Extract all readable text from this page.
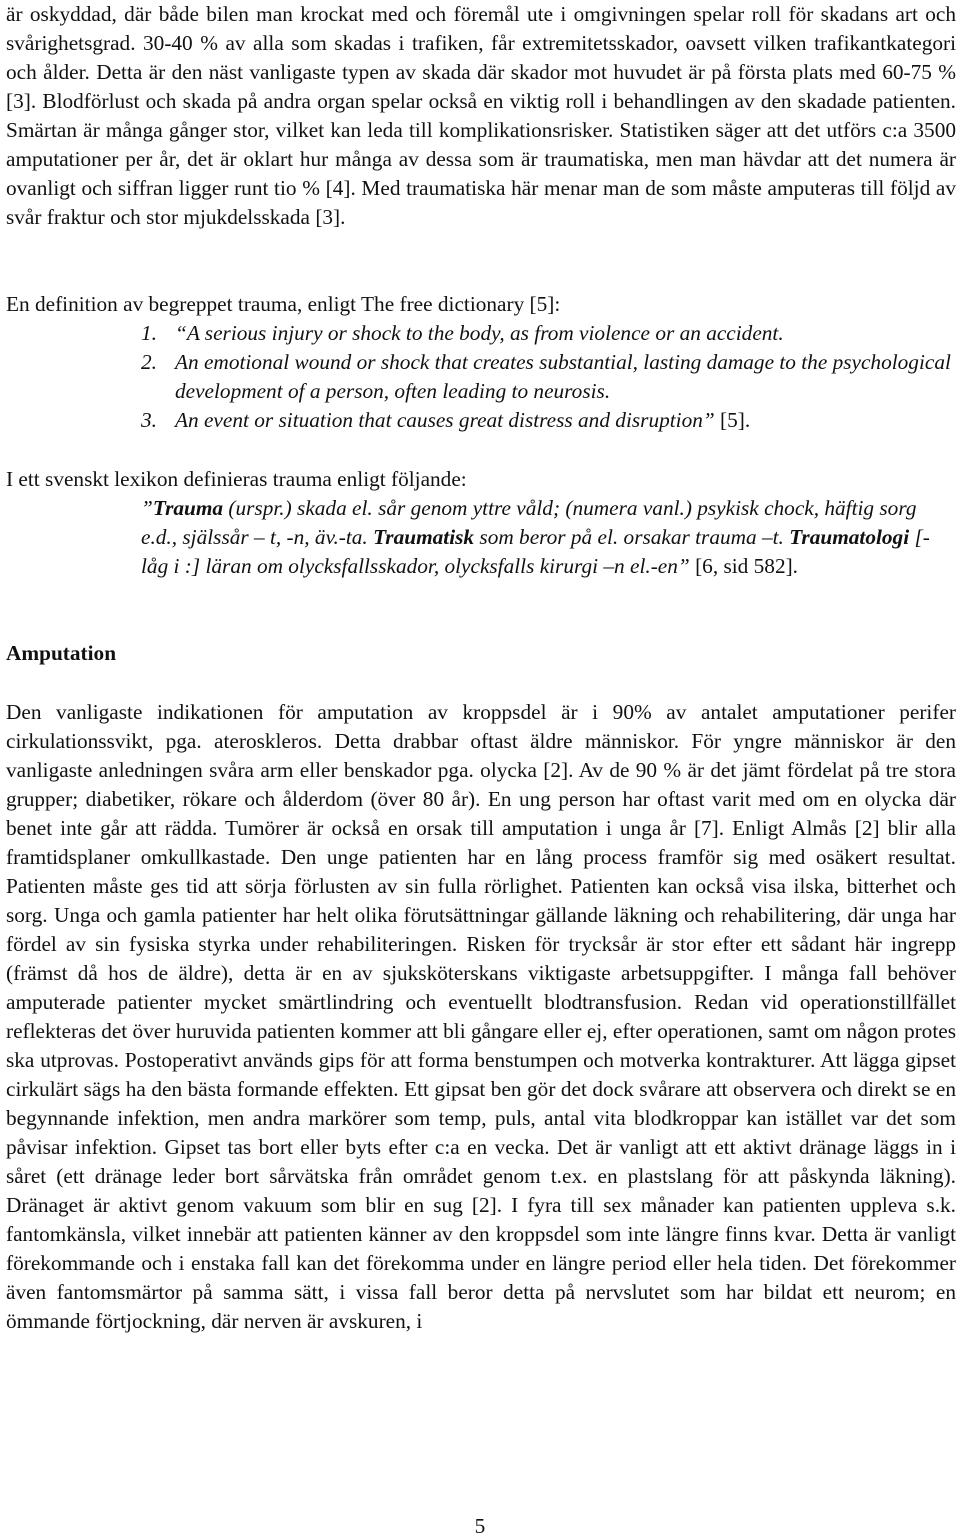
är oskyddad, där både bilen man krockat med och föremål ute i omgivningen spelar roll för skadans art och svårighetsgrad. 30-40 % av alla som skadas i trafiken, får extremitetsskador, oavsett vilken trafikantkategori och ålder. Detta är den näst vanligaste typen av skada där skador mot huvudet är på första plats med 60-75 % [3]. Blodförlust och skada på andra organ spelar också en viktig roll i behandlingen av den skadade patienten. Smärtan är många gånger stor, vilket kan leda till komplikationsrisker. Statistiken säger att det utförs c:a 3500 amputationer per år, det är oklart hur många av dessa som är traumatiska, men man hävdar att det numera är ovanligt och siffran ligger runt tio % [4]. Med traumatiska här menar man de som måste amputeras till följd av svår fraktur och stor mjukdelsskada [3].

En definition av begreppet trauma, enligt The free dictionary [5]:

1. “A serious injury or shock to the body, as from violence or an accident.
2. An emotional wound or shock that creates substantial, lasting damage to the psychological development of a person, often leading to neurosis.
3. An event or situation that causes great distress and disruption” [5].

I ett svenskt lexikon definieras trauma enligt följande:

”Trauma (urspr.) skada el. sår genom yttre våld; (numera vanl.) psykisk chock, häftig sorg e.d., själssår – t, -n, äv.-ta. Traumatisk som beror på el. orsakar trauma –t. Traumatologi [-låg i :] läran om olycksfallsskador, olycksfalls kirurgi –n el.-en” [6, sid 582].

Amputation

Den vanligaste indikationen för amputation av kroppsdel är i 90% av antalet amputationer perifer cirkulationssvikt, pga. ateroskleros. Detta drabbar oftast äldre människor. För yngre människor är den vanligaste anledningen svåra arm eller benskador pga. olycka [2]. Av de 90 % är det jämt fördelat på tre stora grupper; diabetiker, rökare och ålderdom (över 80 år). En ung person har oftast varit med om en olycka där benet inte går att rädda. Tumörer är också en orsak till amputation i unga år [7]. Enligt Almås [2] blir alla framtidsplaner omkullkastade. Den unge patienten har en lång process framför sig med osäkert resultat. Patienten måste ges tid att sörja förlusten av sin fulla rörlighet. Patienten kan också visa ilska, bitterhet och sorg. Unga och gamla patienter har helt olika förutsättningar gällande läkning och rehabilitering, där unga har fördel av sin fysiska styrka under rehabiliteringen. Risken för trycksår är stor efter ett sådant här ingrepp (främst då hos de äldre), detta är en av sjuksköterskans viktigaste arbetsuppgifter. I många fall behöver amputerade patienter mycket smärtlindring och eventuellt blodtransfusion. Redan vid operationstillfället reflekteras det över huruvida patienten kommer att bli gångare eller ej, efter operationen, samt om någon protes ska utprovas. Postoperativt används gips för att forma benstumpen och motverka kontrakturer. Att lägga gipset cirkulärt sägs ha den bästa formande effekten. Ett gipsat ben gör det dock svårare att observera och direkt se en begynnande infektion, men andra markörer som temp, puls, antal vita blodkroppar kan istället var det som påvisar infektion. Gipset tas bort eller byts efter c:a en vecka. Det är vanligt att ett aktivt dränage läggs in i såret (ett dränage leder bort sårvätska från området genom t.ex. en plastslang för att påskynda läkning). Dränaget är aktivt genom vakuum som blir en sug [2]. I fyra till sex månader kan patienten uppleva s.k. fantomkänsla, vilket innebär att patienten känner av den kroppsdel som inte längre finns kvar. Detta är vanligt förekommande och i enstaka fall kan det förekomma under en längre period eller hela tiden. Det förekommer även fantomsmärtor på samma sätt, i vissa fall beror detta på nervslutet som har bildat ett neurom; en ömmande förtjockning, där nerven är avskuren, i

5
